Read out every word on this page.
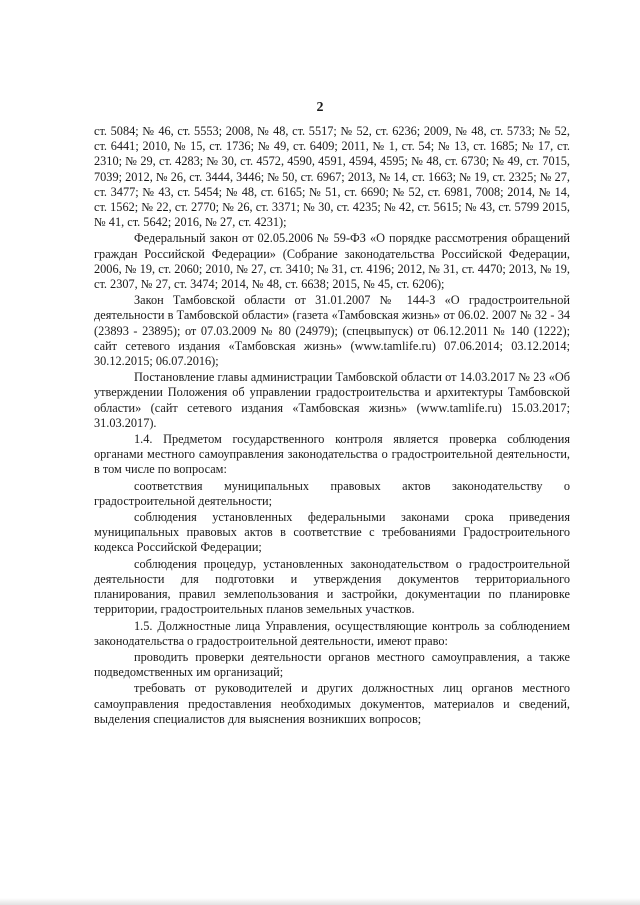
2

ст. 5084; № 46, ст. 5553; 2008, № 48, ст. 5517; № 52, ст. 6236; 2009, № 48, ст. 5733; № 52, ст. 6441; 2010, № 15, ст. 1736; № 49, ст. 6409; 2011, № 1, ст. 54; № 13, ст. 1685; № 17, ст. 2310; № 29, ст. 4283; № 30, ст. 4572, 4590, 4591, 4594, 4595; № 48, ст. 6730; № 49, ст. 7015, 7039; 2012, № 26, ст. 3444, 3446; № 50, ст. 6967; 2013, № 14, ст. 1663; № 19, ст. 2325; № 27, ст. 3477; № 43, ст. 5454; № 48, ст. 6165; № 51, ст. 6690; № 52, ст. 6981, 7008; 2014, № 14, ст. 1562; № 22, ст. 2770; № 26, ст. 3371; № 30, ст. 4235; № 42, ст. 5615; № 43, ст. 5799 2015, № 41, ст. 5642; 2016, № 27, ст. 4231);

Федеральный закон от 02.05.2006 № 59-ФЗ «О порядке рассмотрения обращений граждан Российской Федерации» (Собрание законодательства Российской Федерации, 2006, № 19, ст. 2060; 2010, № 27, ст. 3410; № 31, ст. 4196; 2012, № 31, ст. 4470; 2013, № 19, ст. 2307, № 27, ст. 3474; 2014, № 48, ст. 6638; 2015, № 45, ст. 6206);

Закон Тамбовской области от 31.01.2007 № 144-З «О градостроительной деятельности в Тамбовской области» (газета «Тамбовская жизнь» от 06.02. 2007 № 32 - 34 (23893 - 23895); от 07.03.2009 № 80 (24979); (спецвыпуск) от 06.12.2011 № 140 (1222); сайт сетевого издания «Тамбовская жизнь» (www.tamlife.ru) 07.06.2014; 03.12.2014; 30.12.2015; 06.07.2016);

Постановление главы администрации Тамбовской области от 14.03.2017 № 23 «Об утверждении Положения об управлении градостроительства и архитектуры Тамбовской области» (сайт сетевого издания «Тамбовская жизнь» (www.tamlife.ru) 15.03.2017; 31.03.2017).

1.4. Предметом государственного контроля является проверка соблюдения органами местного самоуправления законодательства о градостроительной деятельности, в том числе по вопросам:

соответствия муниципальных правовых актов законодательству о градостроительной деятельности;

соблюдения установленных федеральными законами срока приведения муниципальных правовых актов в соответствие с требованиями Градостроительного кодекса Российской Федерации;

соблюдения процедур, установленных законодательством о градостроительной деятельности для подготовки и утверждения документов территориального планирования, правил землепользования и застройки, документации по планировке территории, градостроительных планов земельных участков.

1.5. Должностные лица Управления, осуществляющие контроль за соблюдением законодательства о градостроительной деятельности, имеют право:

проводить проверки деятельности органов местного самоуправления, а также подведомственных им организаций;

требовать от руководителей и других должностных лиц органов местного самоуправления предоставления необходимых документов, материалов и сведений, выделения специалистов для выяснения возникших вопросов;
